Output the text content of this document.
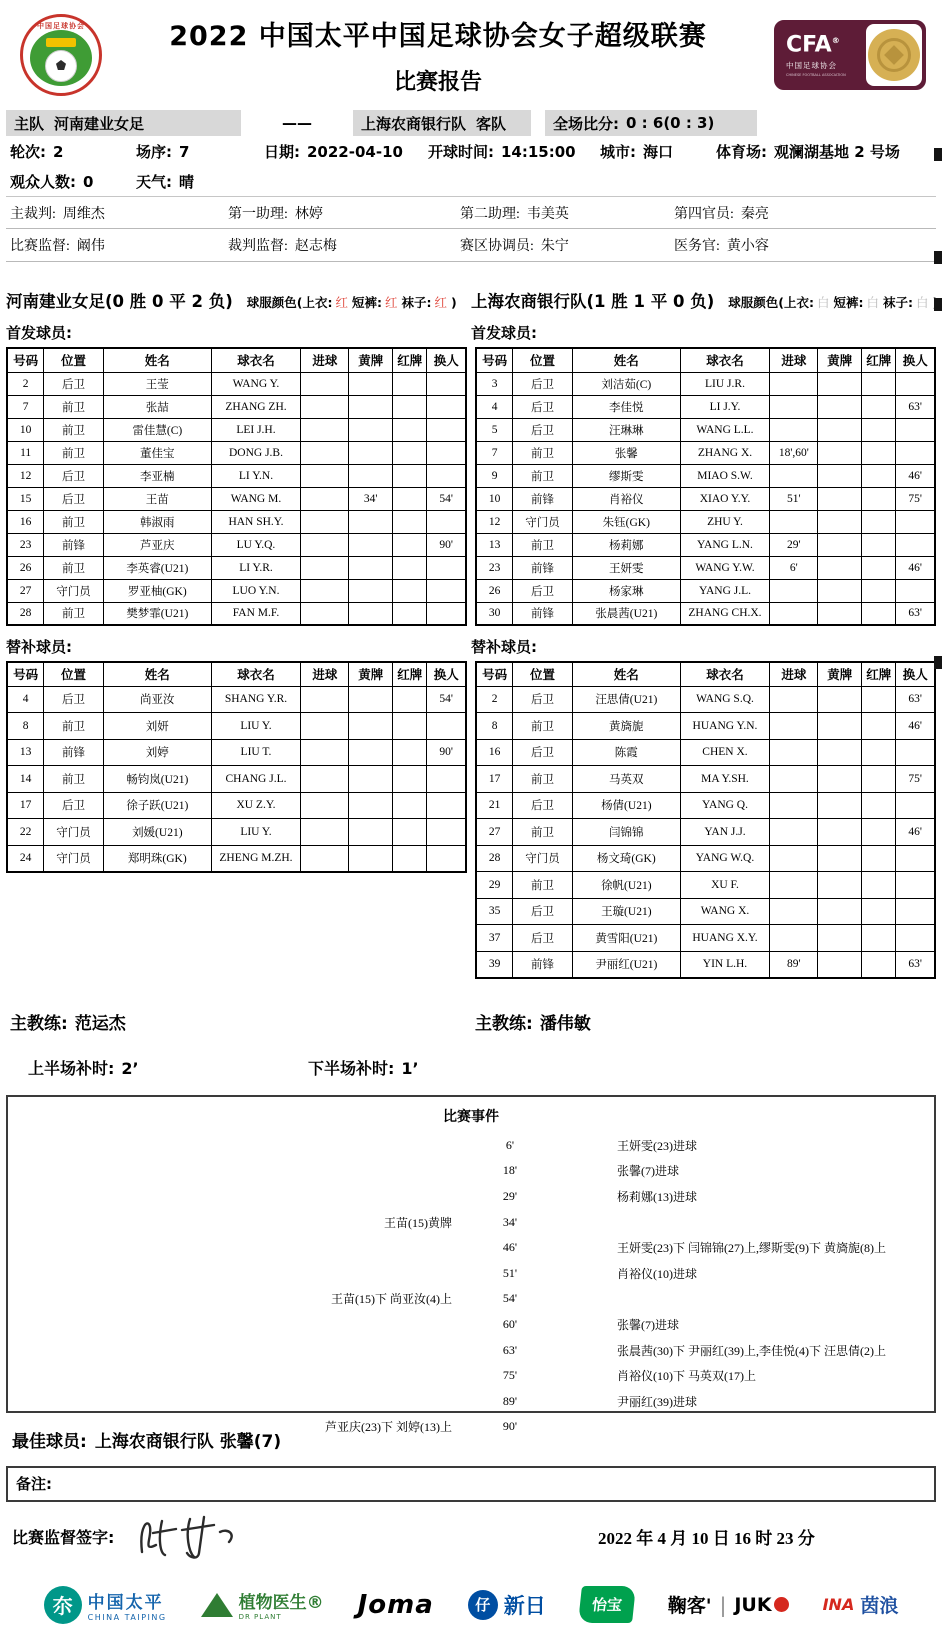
中国足球协会
CFA
2022 中国太平中国足球协会女子超级联赛
比赛报告
CFA®
中国足球协会
CHINESE FOOTBALL ASSOCIATION
主队 河南建业女足	——	上海农商银行队 客队	全场比分: 0 : 6(0 : 3)
轮次: 2	场序: 7	日期: 2022-04-10	开球时间: 14:15:00	城市: 海口	体育场: 观澜湖基地 2 号场
观众人数: 0	天气: 晴
主裁判: 周维杰	第一助理: 林婷	第二助理: 韦美英	第四官员: 秦亮
比赛监督: 阚伟	裁判监督: 赵志梅	赛区协调员: 朱宁	医务官: 黄小容
河南建业女足(0 胜 0 平 2 负) 球服颜色(上衣: 红 短裤: 红 袜子: 红 ) 上海农商银行队(1 胜 1 平 0 负) 球服颜色(上衣: 白 短裤: 白 袜子: 白
首发球员:	首发球员:
号码	位置	姓名	球衣名	进球	黄牌	红牌	换人
2	后卫	王莹	WANG Y.				
7	前卫	张喆	ZHANG ZH.				
10	前卫	雷佳慧(C)	LEI J.H.				
11	前卫	董佳宝	DONG J.B.				
12	后卫	李亚楠	LI Y.N.				
15	后卫	王苗	WANG M.		34'		54'
16	前卫	韩淑雨	HAN SH.Y.				
23	前锋	芦亚庆	LU Y.Q.				90'
26	前卫	李英睿(U21)	LI Y.R.				
27	守门员	罗亚柚(GK)	LUO Y.N.				
28	前卫	樊梦霏(U21)	FAN M.F.				
号码	位置	姓名	球衣名	进球	黄牌	红牌	换人
3	后卫	刘洁茹(C)	LIU J.R.				
4	后卫	李佳悦	LI J.Y.				63'
5	后卫	汪琳琳	WANG L.L.				
7	前卫	张馨	ZHANG X.	18',60'			
9	前卫	缪斯雯	MIAO S.W.				46'
10	前锋	肖裕仪	XIAO Y.Y.	51'			75'
12	守门员	朱钰(GK)	ZHU Y.				
13	前卫	杨莉娜	YANG L.N.	29'			
23	前锋	王妍雯	WANG Y.W.	6'			46'
26	后卫	杨家琳	YANG J.L.				
30	前锋	张晨茜(U21)	ZHANG CH.X.				63'
替补球员:	替补球员:
号码	位置	姓名	球衣名	进球	黄牌	红牌	换人
4	后卫	尚亚汝	SHANG Y.R.				54'
8	前卫	刘妍	LIU Y.				
13	前锋	刘婷	LIU T.				90'
14	前卫	畅钧岚(U21)	CHANG J.L.				
17	后卫	徐子跃(U21)	XU Z.Y.				
22	守门员	刘媛(U21)	LIU Y.				
24	守门员	郑明珠(GK)	ZHENG M.ZH.				
号码	位置	姓名	球衣名	进球	黄牌	红牌	换人
2	后卫	汪思倩(U21)	WANG S.Q.				63'
8	前卫	黄旖旎	HUANG Y.N.				46'
16	后卫	陈霞	CHEN X.				
17	前卫	马英双	MA Y.SH.				75'
21	后卫	杨倩(U21)	YANG Q.				
27	前卫	闫锦锦	YAN J.J.				46'
28	守门员	杨文琦(GK)	YANG W.Q.				
29	前卫	徐帆(U21)	XU F.				
35	后卫	王璇(U21)	WANG X.				
37	后卫	黄雪阳(U21)	HUANG X.Y.				
39	前锋	尹丽红(U21)	YIN L.H.	89'			63'
主教练: 范运杰	主教练: 潘伟敏
上半场补时: 2’	下半场补时: 1’
比赛事件
6'	王妍雯(23)进球
18'	张馨(7)进球
29'	杨莉娜(13)进球
王苗(15)黄牌	34'
46'	王妍雯(23)下 闫锦锦(27)上,缪斯雯(9)下 黄旖旎(8)上
51'	肖裕仪(10)进球
王苗(15)下 尚亚汝(4)上	54'
60'	张馨(7)进球
63'	张晨茜(30)下 尹丽红(39)上,李佳悦(4)下 汪思倩(2)上
75'	肖裕仪(10)下 马英双(17)上
89'	尹丽红(39)进球
芦亚庆(23)下 刘婷(13)上	90'
最佳球员: 上海农商银行队 张馨(7)
备注:
比赛监督签字:	2022 年 4 月 10 日 16 时 23 分
夵 中国太平
CHINA TAIPING
植物医生®
DR PLANT	Joma	仔 新日	怡宝	鞠客' | JUK	INA 茵浪
